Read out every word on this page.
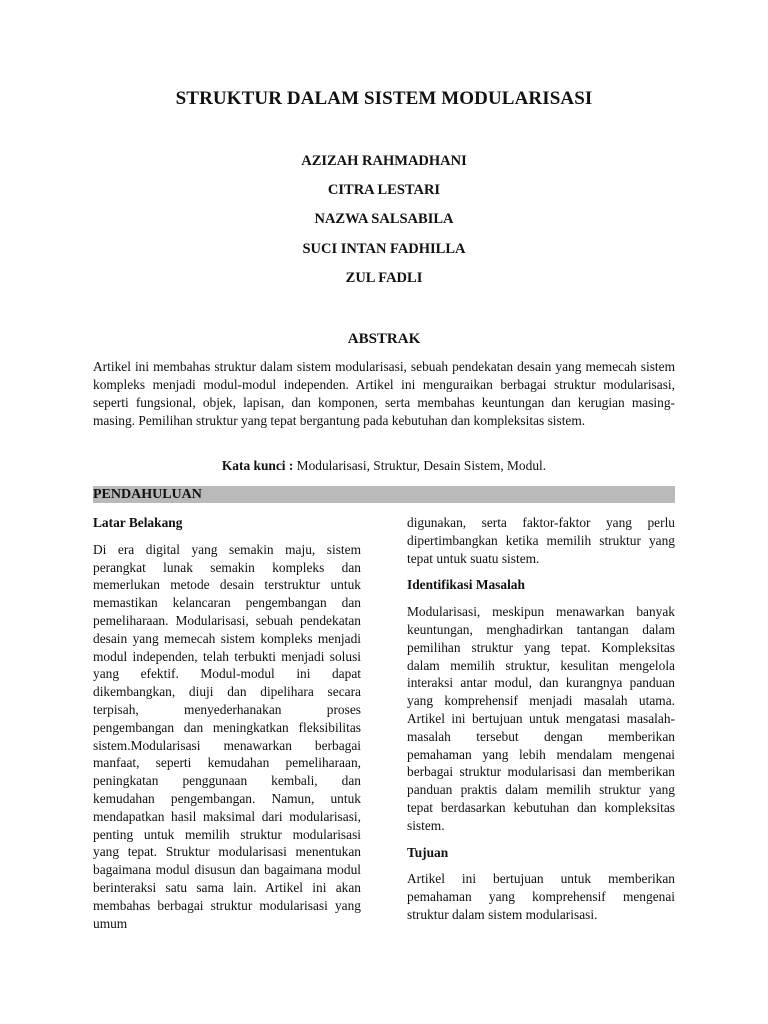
STRUKTUR DALAM SISTEM MODULARISASI
AZIZAH RAHMADHANI
CITRA LESTARI
NAZWA SALSABILA
SUCI INTAN FADHILLA
ZUL FADLI
ABSTRAK
Artikel ini membahas struktur dalam sistem modularisasi, sebuah pendekatan desain yang memecah sistem kompleks menjadi modul-modul independen. Artikel ini menguraikan berbagai struktur modularisasi, seperti fungsional, objek, lapisan, dan komponen, serta membahas keuntungan dan kerugian masing-masing. Pemilihan struktur yang tepat bergantung pada kebutuhan dan kompleksitas sistem.
Kata kunci : Modularisasi, Struktur, Desain Sistem, Modul.
PENDAHULUAN
Latar Belakang

Di era digital yang semakin maju, sistem perangkat lunak semakin kompleks dan memerlukan metode desain terstruktur untuk memastikan kelancaran pengembangan dan pemeliharaan. Modularisasi, sebuah pendekatan desain yang memecah sistem kompleks menjadi modul independen, telah terbukti menjadi solusi yang efektif. Modul-modul ini dapat dikembangkan, diuji dan dipelihara secara terpisah, menyederhanakan proses pengembangan dan meningkatkan fleksibilitas sistem.Modularisasi menawarkan berbagai manfaat, seperti kemudahan pemeliharaan, peningkatan penggunaan kembali, dan kemudahan pengembangan. Namun, untuk mendapatkan hasil maksimal dari modularisasi, penting untuk memilih struktur modularisasi yang tepat. Struktur modularisasi menentukan bagaimana modul disusun dan bagaimana modul berinteraksi satu sama lain. Artikel ini akan membahas berbagai struktur modularisasi yang umum

digunakan, serta faktor-faktor yang perlu dipertimbangkan ketika memilih struktur yang tepat untuk suatu sistem.

Identifikasi Masalah

Modularisasi, meskipun menawarkan banyak keuntungan, menghadirkan tantangan dalam pemilihan struktur yang tepat. Kompleksitas dalam memilih struktur, kesulitan mengelola interaksi antar modul, dan kurangnya panduan yang komprehensif menjadi masalah utama. Artikel ini bertujuan untuk mengatasi masalah-masalah tersebut dengan memberikan pemahaman yang lebih mendalam mengenai berbagai struktur modularisasi dan memberikan panduan praktis dalam memilih struktur yang tepat berdasarkan kebutuhan dan kompleksitas sistem.

Tujuan

Artikel ini bertujuan untuk memberikan pemahaman yang komprehensif mengenai struktur dalam sistem modularisasi.
